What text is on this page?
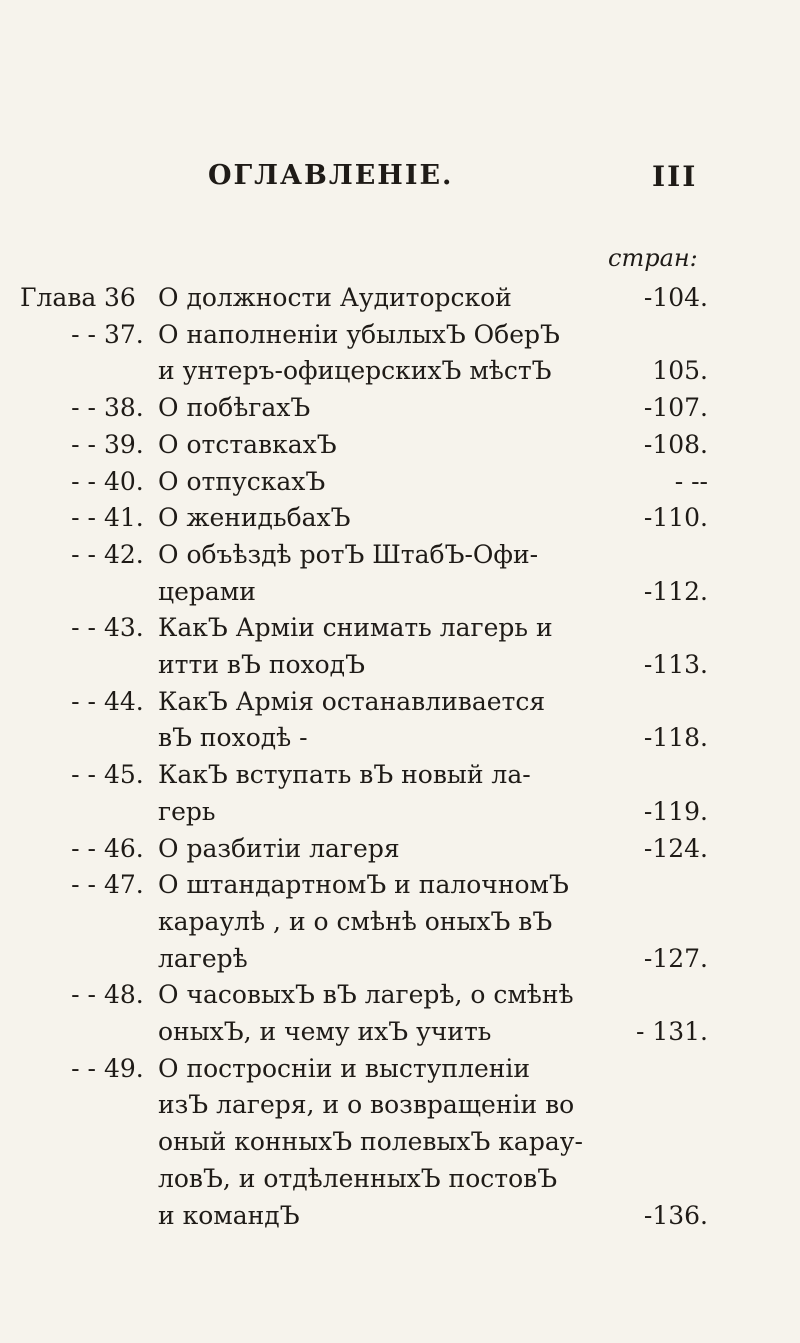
ОГЛАВЛЕНІЕ.	III
стран:
Глава 36 О должности Аудиторской	-104.
- - 37. О наполненіи убылыхЪ ОберЪ
и унтеръ-офицерскихЪ мѣстЪ	105.
- - 38. О побѣгахЪ	-107.
- - 39. О отставкахЪ	-108.
- - 40. О отпускахЪ	- --
- - 41. О женидьбахЪ	-110.
- - 42. О объѣздѣ ротЪ ШтабЪ-Офи-
церами	-112.
- - 43. КакЪ Арміи снимать лагерь и
итти вЪ походЪ	-113.
- - 44. КакЪ Армія останавливается
вЪ походѣ -	-118.
- - 45. КакЪ вступать вЪ новый ла-
герь	-119.
- - 46. О разбитіи лагеря	-124.
- - 47. О штандартномЪ и палочномЪ
караулѣ , и о смѣнѣ оныхЪ вЪ
лагерѣ	-127.
- - 48. О часовыхЪ вЪ лагерѣ, о смѣнѣ
оныхЪ, и чему ихЪ учить	- 131.
- - 49. О постросніи и выступленіи
изЪ лагеря, и о возвращеніи во
оный конныхЪ полевыхЪ карау-
ловЪ, и отдѣленныхЪ постовЪ
и командЪ	-136.
